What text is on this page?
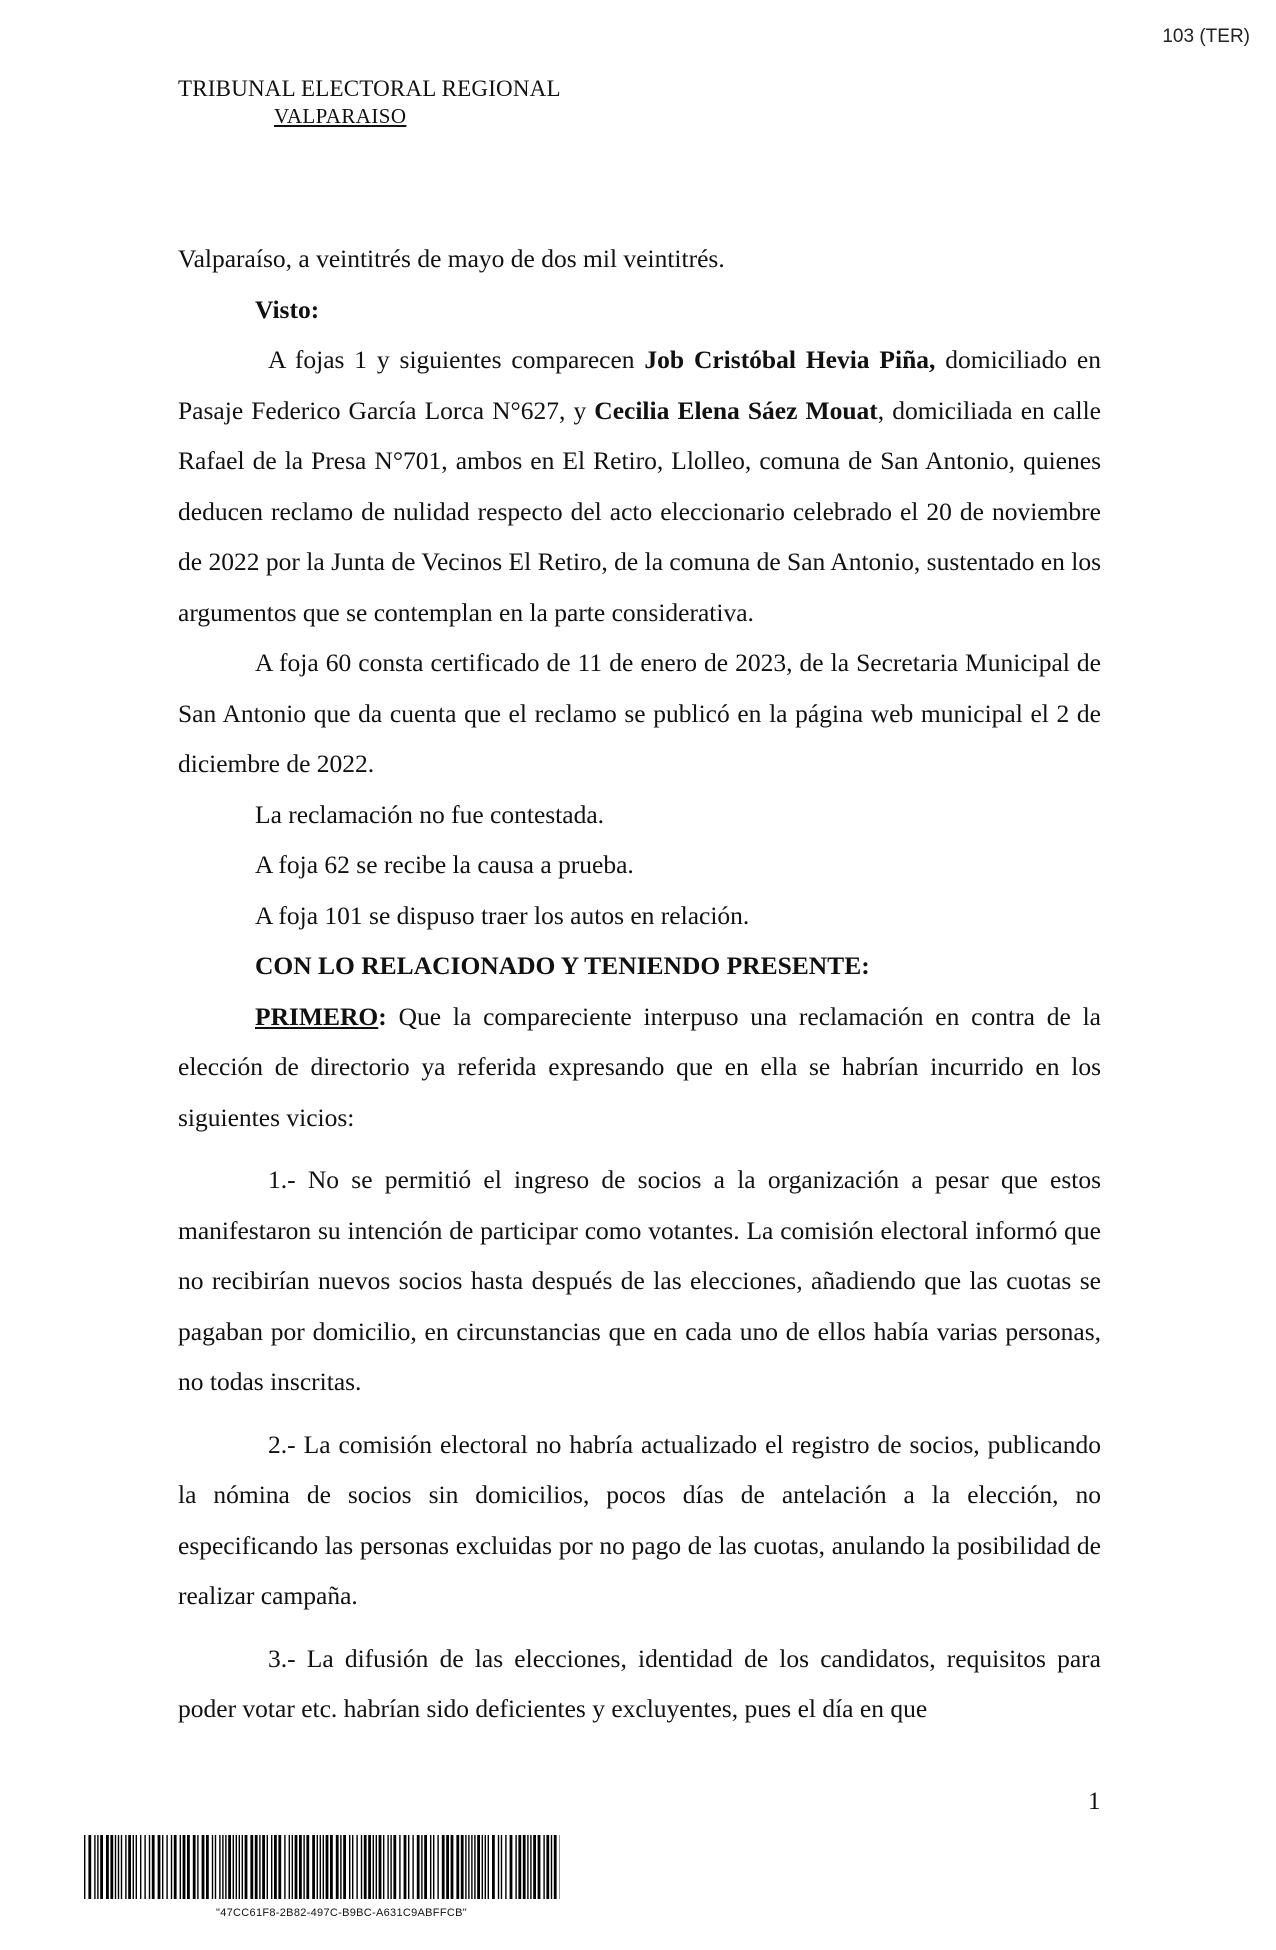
103 (TER)
TRIBUNAL ELECTORAL REGIONAL
VALPARAISO

Valparaíso, a veintitrés de mayo de dos mil veintitrés.

Visto:

A fojas 1 y siguientes comparecen Job Cristóbal Hevia Piña, domiciliado en Pasaje Federico García Lorca N°627, y Cecilia Elena Sáez Mouat, domiciliada en calle Rafael de la Presa N°701, ambos en El Retiro, Llolleo, comuna de San Antonio, quienes deducen reclamo de nulidad respecto del acto eleccionario celebrado el 20 de noviembre de 2022 por la Junta de Vecinos El Retiro, de la comuna de San Antonio, sustentado en los argumentos que se contemplan en la parte considerativa.

A foja 60 consta certificado de 11 de enero de 2023, de la Secretaria Municipal de San Antonio que da cuenta que el reclamo se publicó en la página web municipal el 2 de diciembre de 2022.

La reclamación no fue contestada.

A foja 62 se recibe la causa a prueba.

A foja 101 se dispuso traer los autos en relación.

CON LO RELACIONADO Y TENIENDO PRESENTE:

PRIMERO: Que la compareciente interpuso una reclamación en contra de la elección de directorio ya referida expresando que en ella se habrían incurrido en los siguientes vicios:

1.- No se permitió el ingreso de socios a la organización a pesar que estos manifestaron su intención de participar como votantes. La comisión electoral informó que no recibirían nuevos socios hasta después de las elecciones, añadiendo que las cuotas se pagaban por domicilio, en circunstancias que en cada uno de ellos había varias personas, no todas inscritas.

2.- La comisión electoral no habría actualizado el registro de socios, publicando la nómina de socios sin domicilios, pocos días de antelación a la elección, no especificando las personas excluidas por no pago de las cuotas, anulando la posibilidad de realizar campaña.

3.- La difusión de las elecciones, identidad de los candidatos, requisitos para poder votar etc. habrían sido deficientes y excluyentes, pues el día en que

1
"47CC61F8-2B82-497C-B9BC-A631C9ABFFCB"
